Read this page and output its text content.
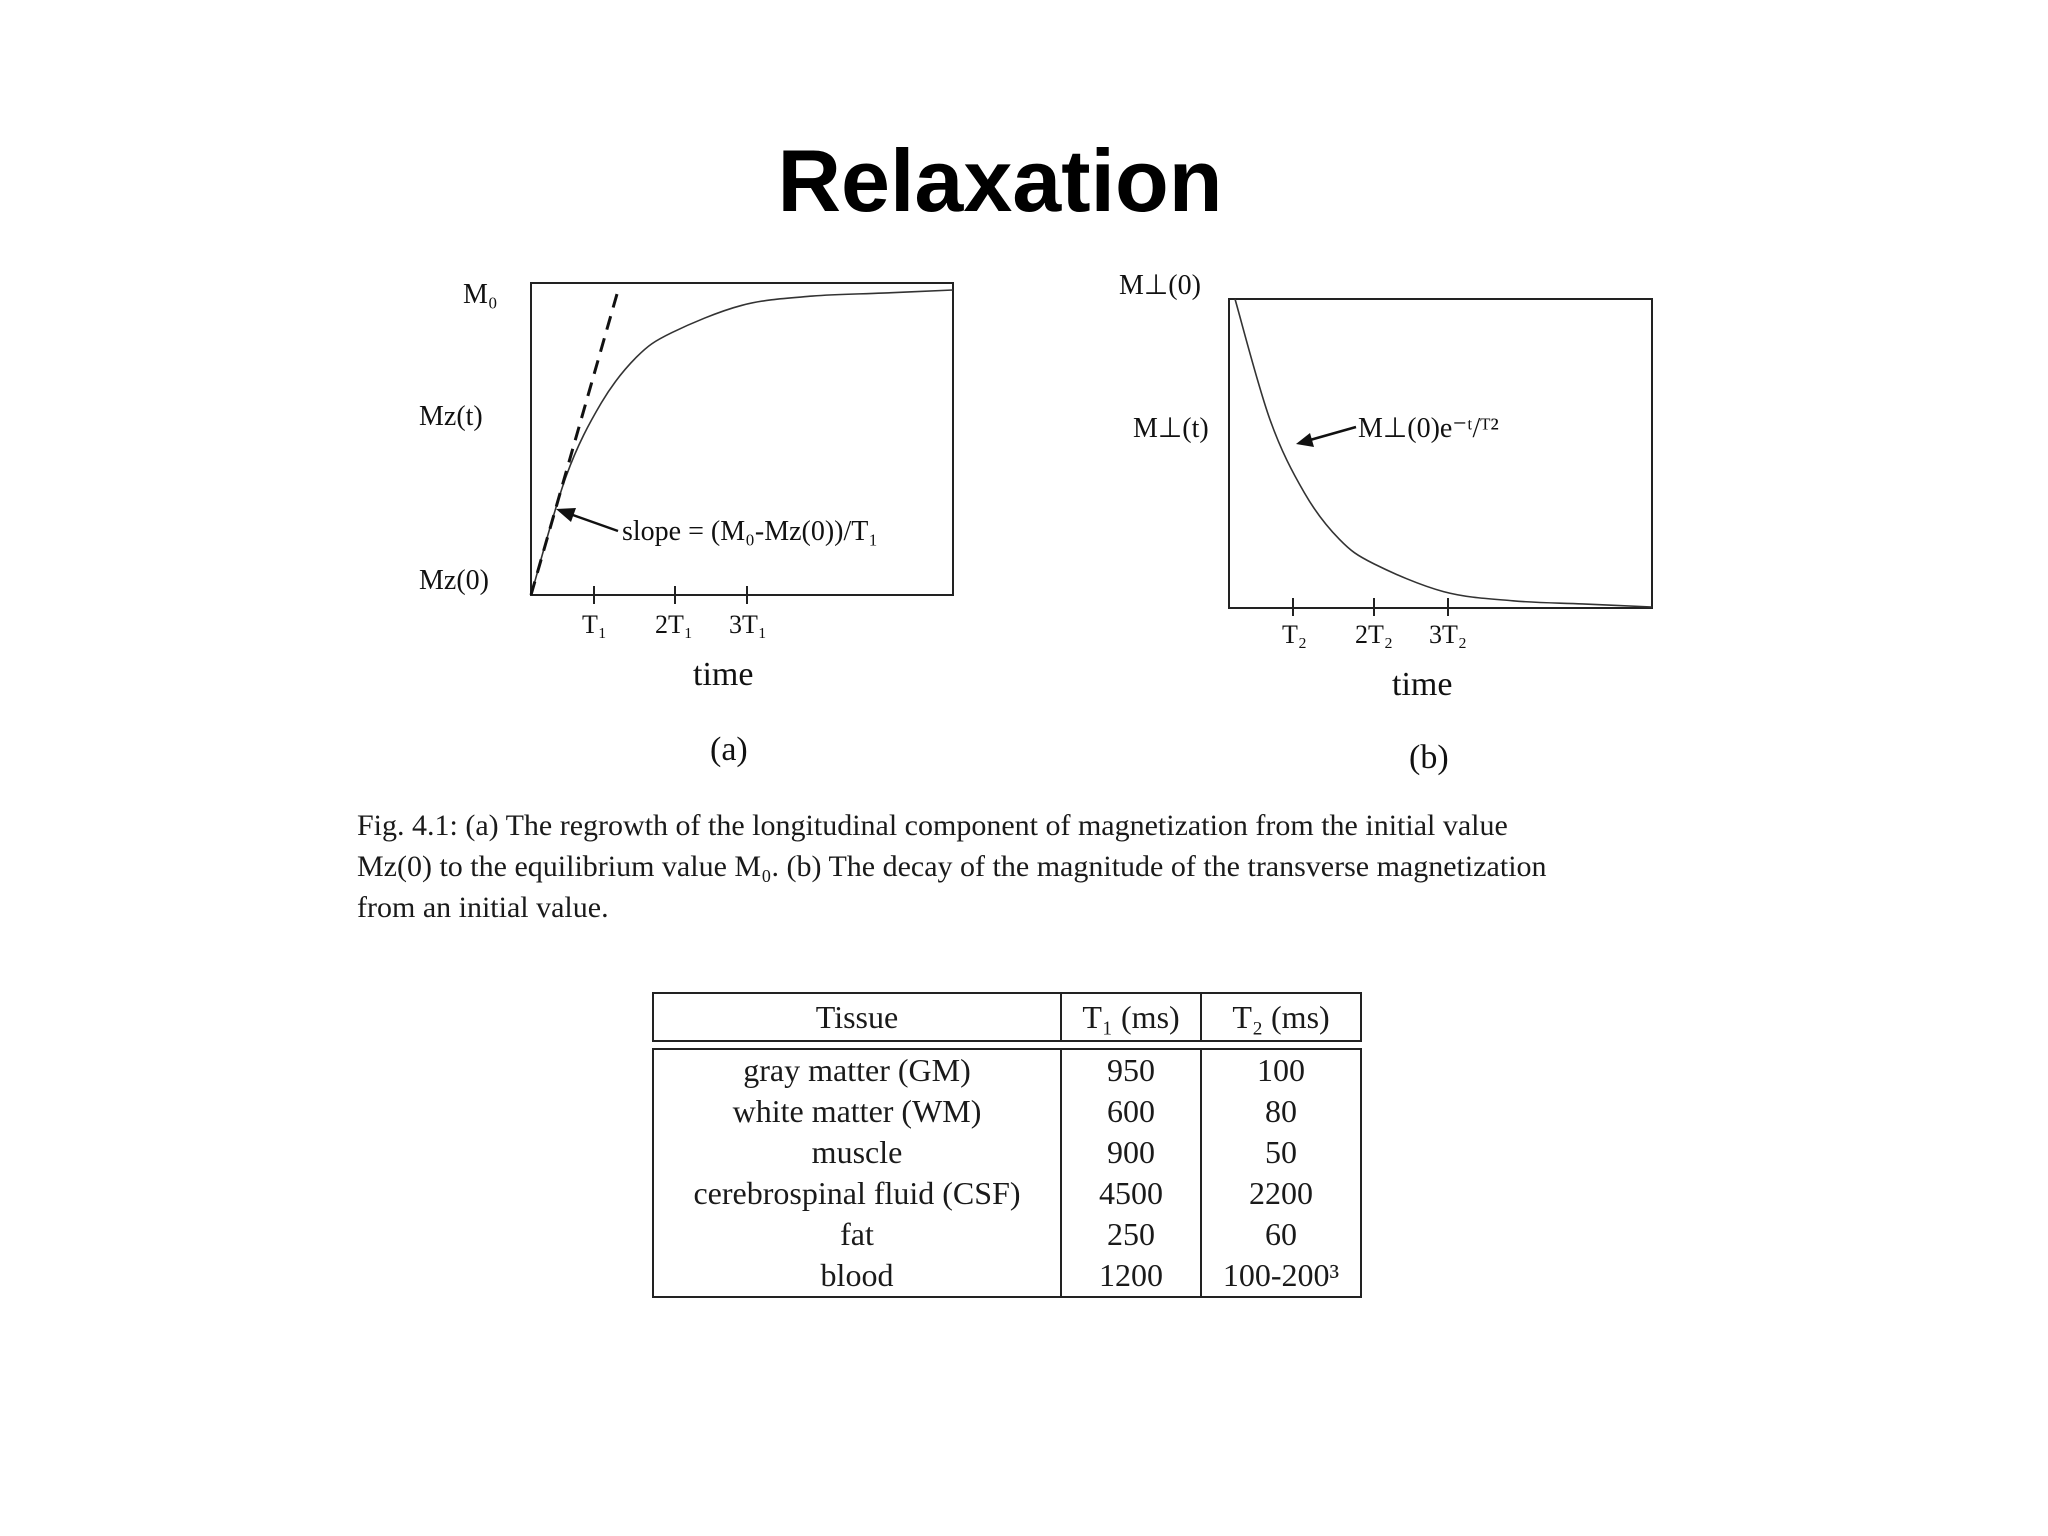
Relaxation
slope = (M₀-Mz(0))/T₁
M₀
Mz(t)
Mz(0)
T₁ 2T₁ 3T₁
time
(a)
M⊥(0)e⁻ᵗ/ᵀ²
M⊥(0)
M⊥(t)
T₂ 2T₂ 3T₂
time
(b)
Fig. 4.1: (a) The regrowth of the longitudinal component of magnetization from the initial value
Mz(0) to the equilibrium value M₀. (b) The decay of the magnitude of the transverse magnetization
from an initial value.
Tissue	T₁ (ms)	T₂ (ms)

gray matter (GM)	950	100
white matter (WM)	600	80
muscle	900	50
cerebrospinal fluid (CSF)	4500	2200
fat	250	60
blood	1200	100-200³
